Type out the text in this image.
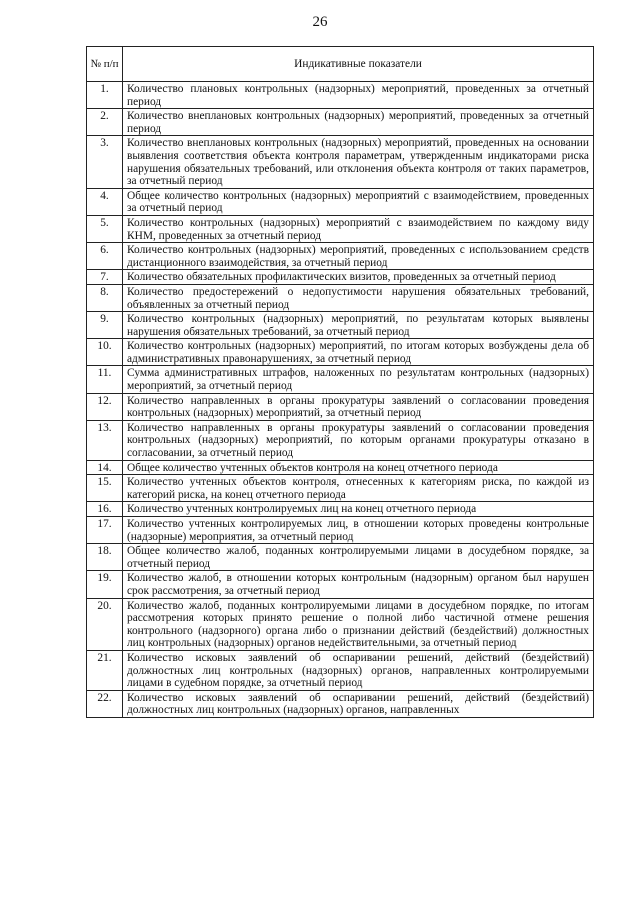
26
№ п/п	Индикативные показатели
1.	Количество плановых контрольных (надзорных) мероприятий, проведенных за отчетный период
2.	Количество внеплановых контрольных (надзорных) мероприятий, проведенных за отчетный период
3.	Количество внеплановых контрольных (надзорных) мероприятий, проведенных на основании выявления соответствия объекта контроля параметрам, утвержденным индикаторами риска нарушения обязательных требований, или отклонения объекта контроля от таких параметров, за отчетный период
4.	Общее количество контрольных (надзорных) мероприятий с взаимодействием, проведенных за отчетный период
5.	Количество контрольных (надзорных) мероприятий с взаимодействием по каждому виду КНМ, проведенных за отчетный период
6.	Количество контрольных (надзорных) мероприятий, проведенных с использованием средств дистанционного взаимодействия, за отчетный период
7.	Количество обязательных профилактических визитов, проведенных за отчетный период
8.	Количество предостережений о недопустимости нарушения обязательных требований, объявленных за отчетный период
9.	Количество контрольных (надзорных) мероприятий, по результатам которых выявлены нарушения обязательных требований, за отчетный период
10.	Количество контрольных (надзорных) мероприятий, по итогам которых возбуждены дела об административных правонарушениях, за отчетный период
11.	Сумма административных штрафов, наложенных по результатам контрольных (надзорных) мероприятий, за отчетный период
12.	Количество направленных в органы прокуратуры заявлений о согласовании проведения контрольных (надзорных) мероприятий, за отчетный период
13.	Количество направленных в органы прокуратуры заявлений о согласовании проведения контрольных (надзорных) мероприятий, по которым органами прокуратуры отказано в согласовании, за отчетный период
14.	Общее количество учтенных объектов контроля на конец отчетного периода
15.	Количество учтенных объектов контроля, отнесенных к категориям риска, по каждой из категорий риска, на конец отчетного периода
16.	Количество учтенных контролируемых лиц на конец отчетного периода
17.	Количество учтенных контролируемых лиц, в отношении которых проведены контрольные (надзорные) мероприятия, за отчетный период
18.	Общее количество жалоб, поданных контролируемыми лицами в досудебном порядке, за отчетный период
19.	Количество жалоб, в отношении которых контрольным (надзорным) органом был нарушен срок рассмотрения, за отчетный период
20.	Количество жалоб, поданных контролируемыми лицами в досудебном порядке, по итогам рассмотрения которых принято решение о полной либо частичной отмене решения контрольного (надзорного) органа либо о признании действий (бездействий) должностных лиц контрольных (надзорных) органов недействительными, за отчетный период
21.	Количество исковых заявлений об оспаривании решений, действий (бездействий) должностных лиц контрольных (надзорных) органов, направленных контролируемыми лицами в судебном порядке, за отчетный период
22.	Количество исковых заявлений об оспаривании решений, действий (бездействий) должностных лиц контрольных (надзорных) органов, направленных
